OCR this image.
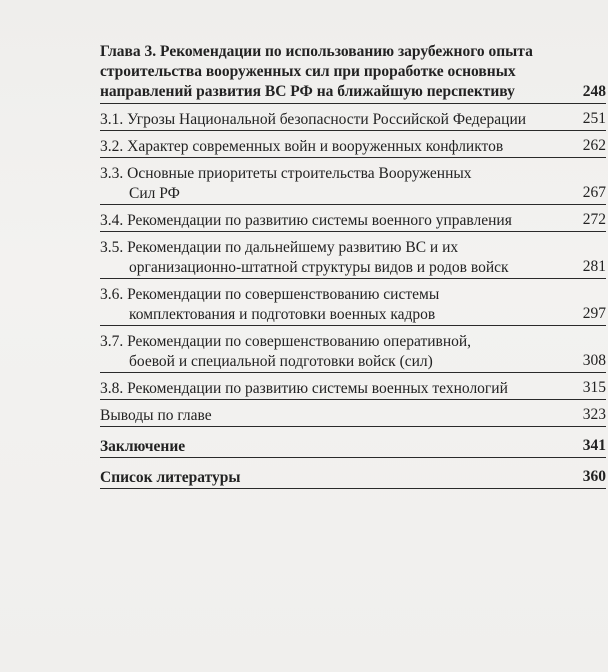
Глава 3. Рекомендации по использованию зарубежного опыта
строительства вооруженных сил при проработке основных
направлений развития ВС РФ на ближайшую перспективу	248
3.1. Угрозы Национальной безопасности Российской Федерации	251
3.2. Характер современных войн и вооруженных конфликтов	262
3.3. Основные приоритеты строительства Вооруженных
Сил РФ	267
3.4. Рекомендации по развитию системы военного управления	272
3.5. Рекомендации по дальнейшему развитию ВС и их
организационно-штатной структуры видов и родов войск	281
3.6. Рекомендации по совершенствованию системы
комплектования и подготовки военных кадров	297
3.7. Рекомендации по совершенствованию оперативной,
боевой и специальной подготовки войск (сил)	308
3.8. Рекомендации по развитию системы военных технологий	315
Выводы по главе	323
Заключение	341
Список литературы	360
